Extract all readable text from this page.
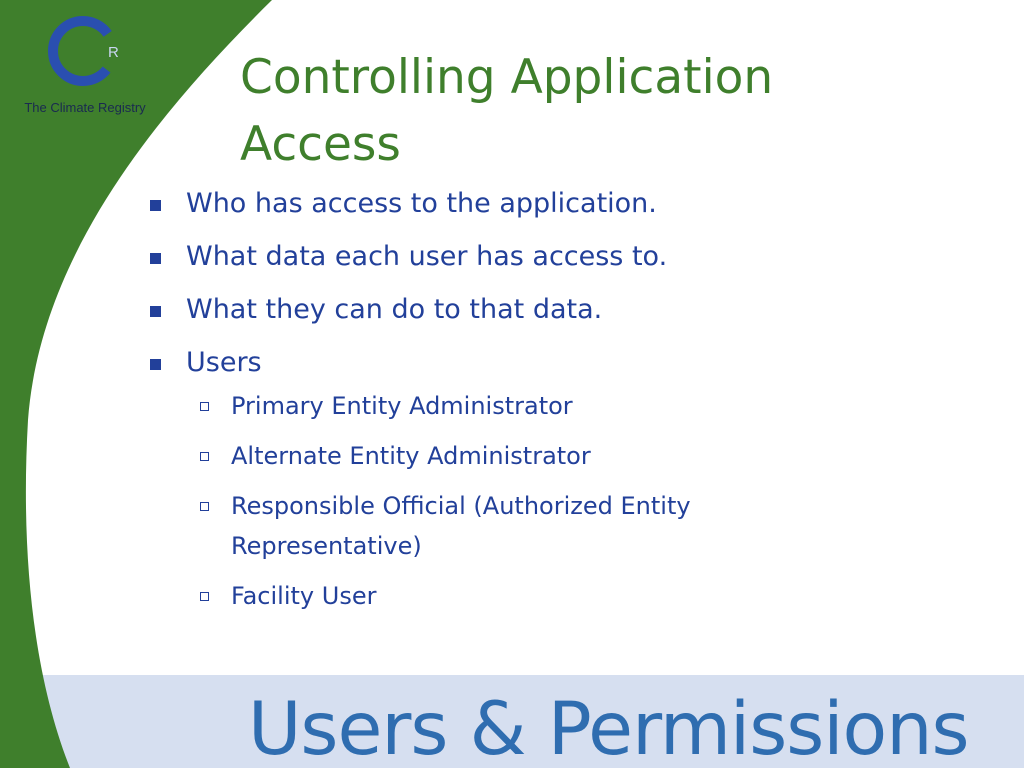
R
The Climate Registry
Controlling Application
Access
Who has access to the application.
What data each user has access to.
What they can do to that data.
Users
Primary Entity Administrator
Alternate Entity Administrator
Responsible Official (Authorized Entity Representative)
Facility User
Users & Permissions
